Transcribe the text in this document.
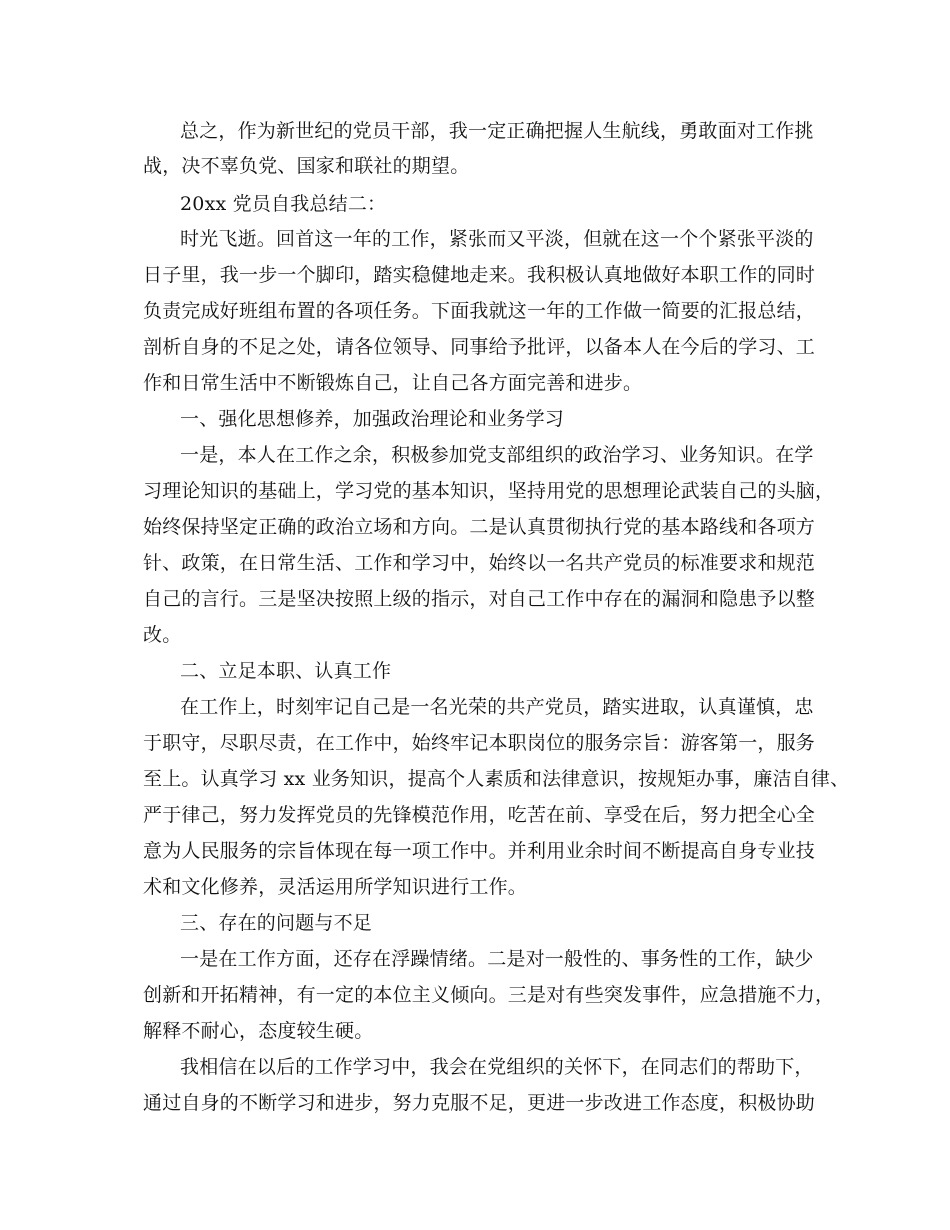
总之，作为新世纪的党员干部，我一定正确把握人生航线，勇敢面对工作挑
战，决不辜负党、国家和联社的期望。
20xx 党员自我总结二：
时光飞逝。回首这一年的工作，紧张而又平淡，但就在这一个个紧张平淡的
日子里，我一步一个脚印，踏实稳健地走来。我积极认真地做好本职工作的同时
负责完成好班组布置的各项任务。下面我就这一年的工作做一简要的汇报总结，
剖析自身的不足之处，请各位领导、同事给予批评，以备本人在今后的学习、工
作和日常生活中不断锻炼自己，让自己各方面完善和进步。
一、强化思想修养，加强政治理论和业务学习
一是，本人在工作之余，积极参加党支部组织的政治学习、业务知识。在学
习理论知识的基础上，学习党的基本知识，坚持用党的思想理论武装自己的头脑，
始终保持坚定正确的政治立场和方向。二是认真贯彻执行党的基本路线和各项方
针、政策，在日常生活、工作和学习中，始终以一名共产党员的标准要求和规范
自己的言行。三是坚决按照上级的指示，对自己工作中存在的漏洞和隐患予以整
改。
二、立足本职、认真工作
在工作上，时刻牢记自己是一名光荣的共产党员，踏实进取，认真谨慎，忠
于职守，尽职尽责，在工作中，始终牢记本职岗位的服务宗旨：游客第一，服务
至上。认真学习 xx 业务知识，提高个人素质和法律意识，按规矩办事，廉洁自律、
严于律己，努力发挥党员的先锋模范作用，吃苦在前、享受在后，努力把全心全
意为人民服务的宗旨体现在每一项工作中。并利用业余时间不断提高自身专业技
术和文化修养，灵活运用所学知识进行工作。
三、存在的问题与不足
一是在工作方面，还存在浮躁情绪。二是对一般性的、事务性的工作，缺少
创新和开拓精神，有一定的本位主义倾向。三是对有些突发事件，应急措施不力，
解释不耐心，态度较生硬。
我相信在以后的工作学习中，我会在党组织的关怀下，在同志们的帮助下，
通过自身的不断学习和进步，努力克服不足，更进一步改进工作态度，积极协助
